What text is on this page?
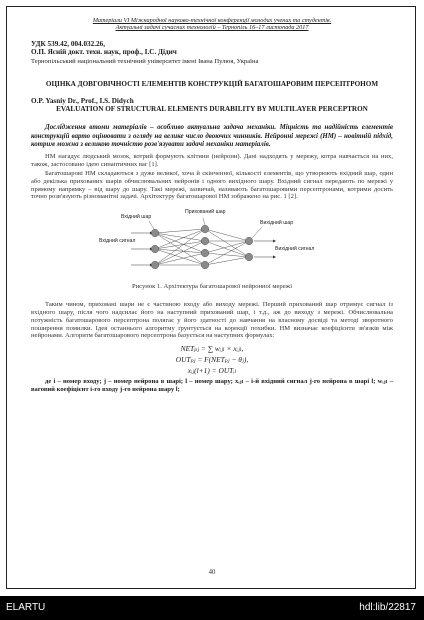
Матеріали VI Міжнародної науково-технічної конференції молодих учених та студентів.
Актуальні задачі сучасних технологій – Тернопіль 16–17 листопада 2017
УДК 539.42, 004.032.26,
О.П. Ясній докт. техн. наук, проф., І.С. Дідич
Тернопільський національний технічний університет імені Івана Пулюя, Україна
ОЦІНКА ДОВГОВІЧНОСТІ ЕЛЕМЕНТІВ КОНСТРУКЦІЙ БАГАТОШАРОВИМ ПЕРСЕПТРОНОМ
O.P. Yasniy Dr., Prof., I.S. Didych
EVALUATION OF STRUCTURAL ELEMENTS DURABILITY BY MULTILAYER PERCEPTRON
Дослідження втоми матеріалів – особливо актуальна задача механіки. Міцність та надійність елементів конструкцій варто оцінювати з огляду на велике число двоючих чинників. Нейронні мережі (НМ) – новітній підхід, котрим можна з великою точністю розв'язувати задачі механіки матеріалів.
НМ нагадує людський мозок, котрий формують клітини (нейрони). Дані надходять у мережу, котра навчається на них, також, застосовано ідею синаптичних ваг [1].
Багатошарові НМ складаються з дуже великої, хоча й скінченної, кількості елементів, що утворюють вхідний шар, один або декілька прихованих шарів обчислювальних нейронів і одного вихідного шару. Вхідний сигнал передають по мережі у прямому напрямку – від шару до шару. Такі мережі, зазвичай, називають багатошаровими персептронами, котрими досить точно розв'язують різноманітні задачі. Архітектуру багатошарової НМ зображено на рис. 1 [2].
Прихований шар
Вхідний шар
Вхідний сигнал
Вихідний шар
Вихідний сигнал
Рисунок 1. Архітектура багатошарової нейронної мережі
Таким чином, приховані шари не є частиною входу або виходу мережі. Перший прихований шар отримує сигнал із вхідного шару, після чого надсилає його на наступний прихований шар, і т.д., аж до виходу з мережі. Обчислювальна потужність багатошарового персептрона полягає у його здатності до навчання на власному досвіді та методі зворотного поширення помилки. Ідея останнього алгоритму ґрунтується на корекції похибки. НМ визначає коефіцієнти зв'язків між нейронами. Алгоритм багатошарового персептрона базується на наступних формулах:
NETₚⱼ = ∑ wᵢⱼₗ × xᵢⱼₗ,
OUTₚⱼ = F(NETₚⱼ − θⱼ),
xᵢⱼ(l+1) = OUTᵢₗ
де i – номер входу; j – номер нейрона в шарі; l – номер шару; xᵢⱼₗ – i-й вхідний сигнал j-го нейрона в шарі l; wᵢⱼₗ – ваговий коефіцієнт i-го входу j-го нейрона шару l;
40
ELARTU	hdl:lib/22817
